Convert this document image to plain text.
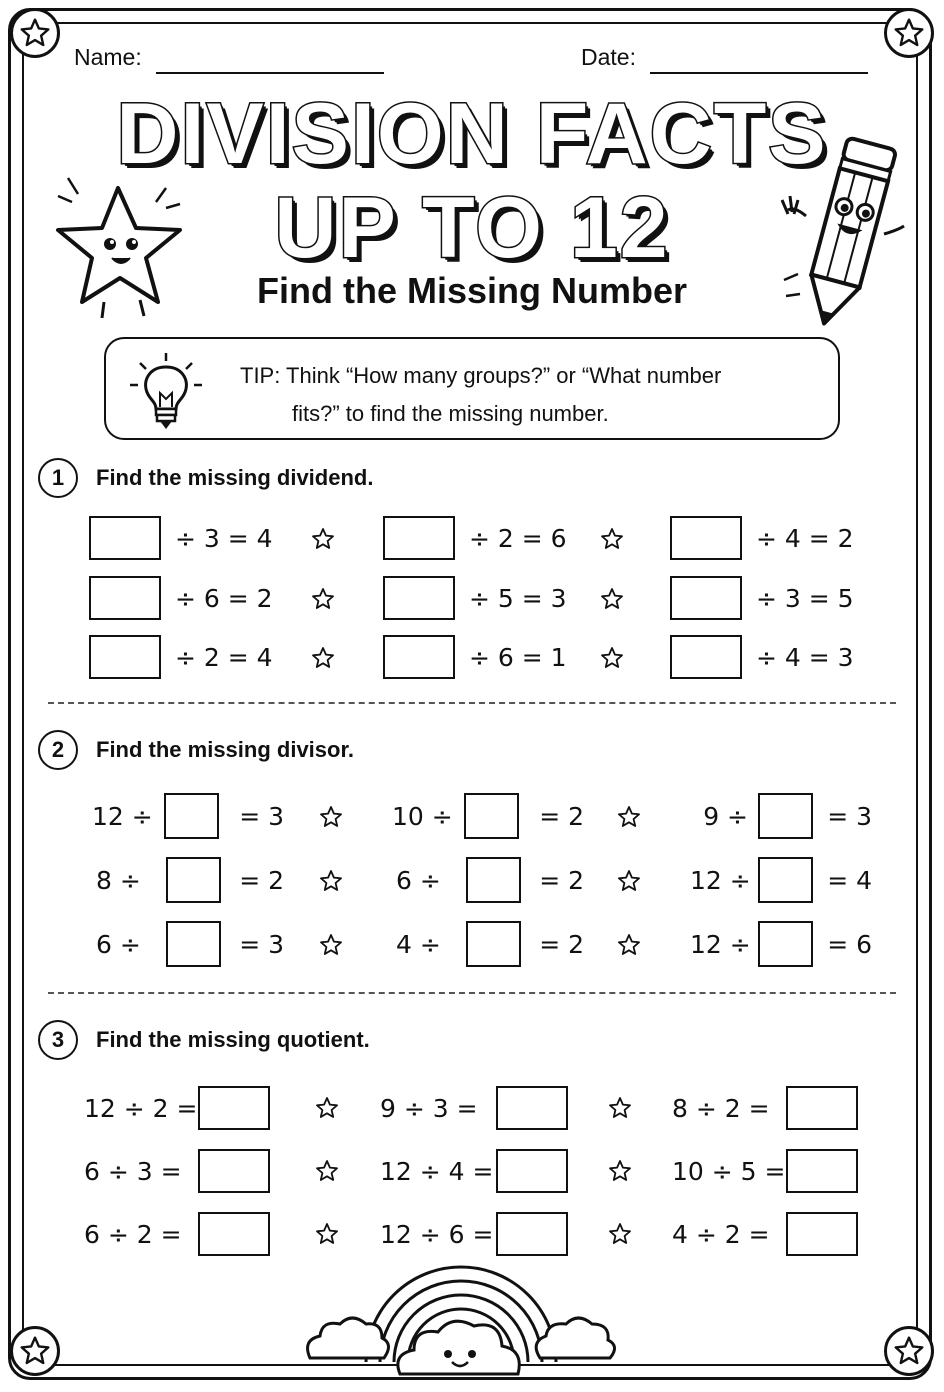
Name:	Date:
DIVISION FACTS
UP TO 12
Find the Missing Number
TIP: Think “How many groups?” or “What number
fits?” to find the missing number.
1	Find the missing dividend.
÷ 3 = 4	÷ 2 = 6	÷ 4 = 2
÷ 6 = 2	÷ 5 = 3	÷ 3 = 5
÷ 2 = 4	÷ 6 = 1	÷ 4 = 3
2	Find the missing divisor.
12 ÷	= 3	10 ÷	= 2	9 ÷	= 3
8 ÷	= 2	6 ÷	= 2	12 ÷	= 4
6 ÷	= 3	4 ÷	= 2	12 ÷	= 6
3	Find the missing quotient.
12 ÷ 2 =	9 ÷ 3 =	8 ÷ 2 =
6 ÷ 3 =	12 ÷ 4 =	10 ÷ 5 =
6 ÷ 2 =	12 ÷ 6 =	4 ÷ 2 =
